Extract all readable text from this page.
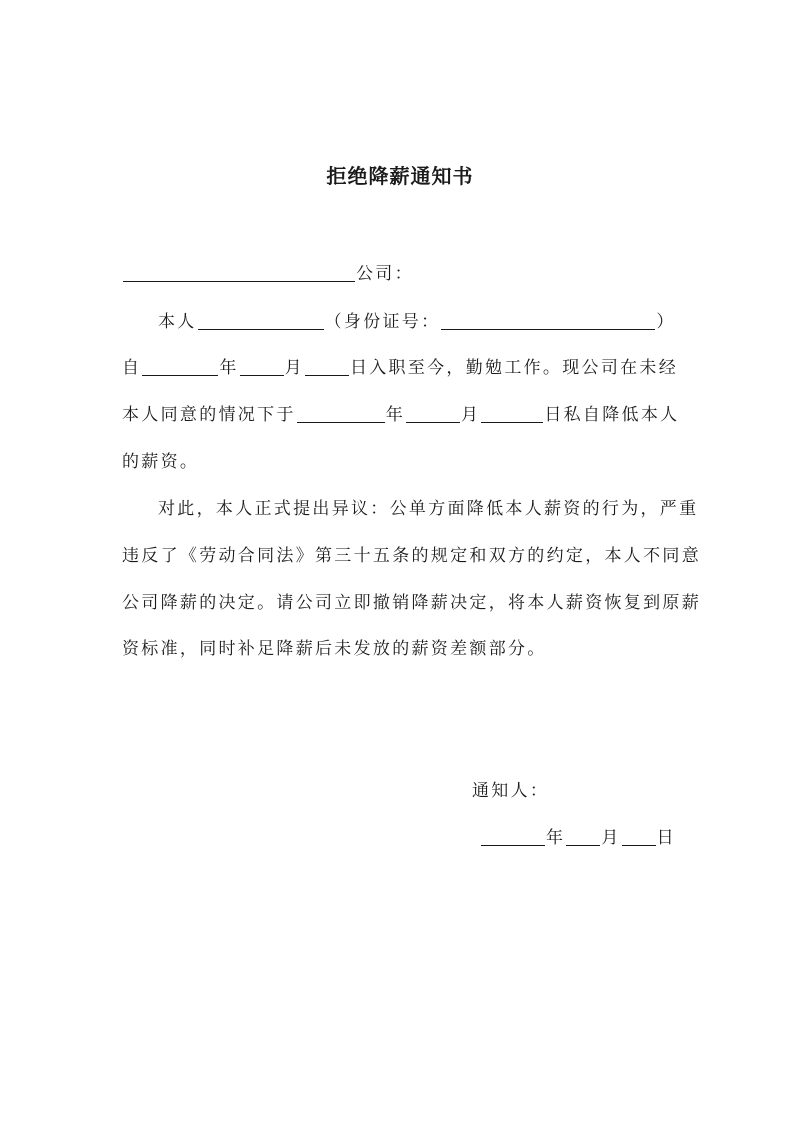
拒绝降薪通知书
公司：
本人	（身份证号：	）
自	年	月	日入职至今，勤勉工作。现公司在未经
本人同意的情况下于	年	月	日私自降低本人
的薪资。
对此，本人正式提出异议：公单方面降低本人薪资的行为，严重
违反了《劳动合同法》第三十五条的规定和双方的约定，本人不同意
公司降薪的决定。请公司立即撤销降薪决定，将本人薪资恢复到原薪
资标准，同时补足降薪后未发放的薪资差额部分。
通知人：
年 月 日
